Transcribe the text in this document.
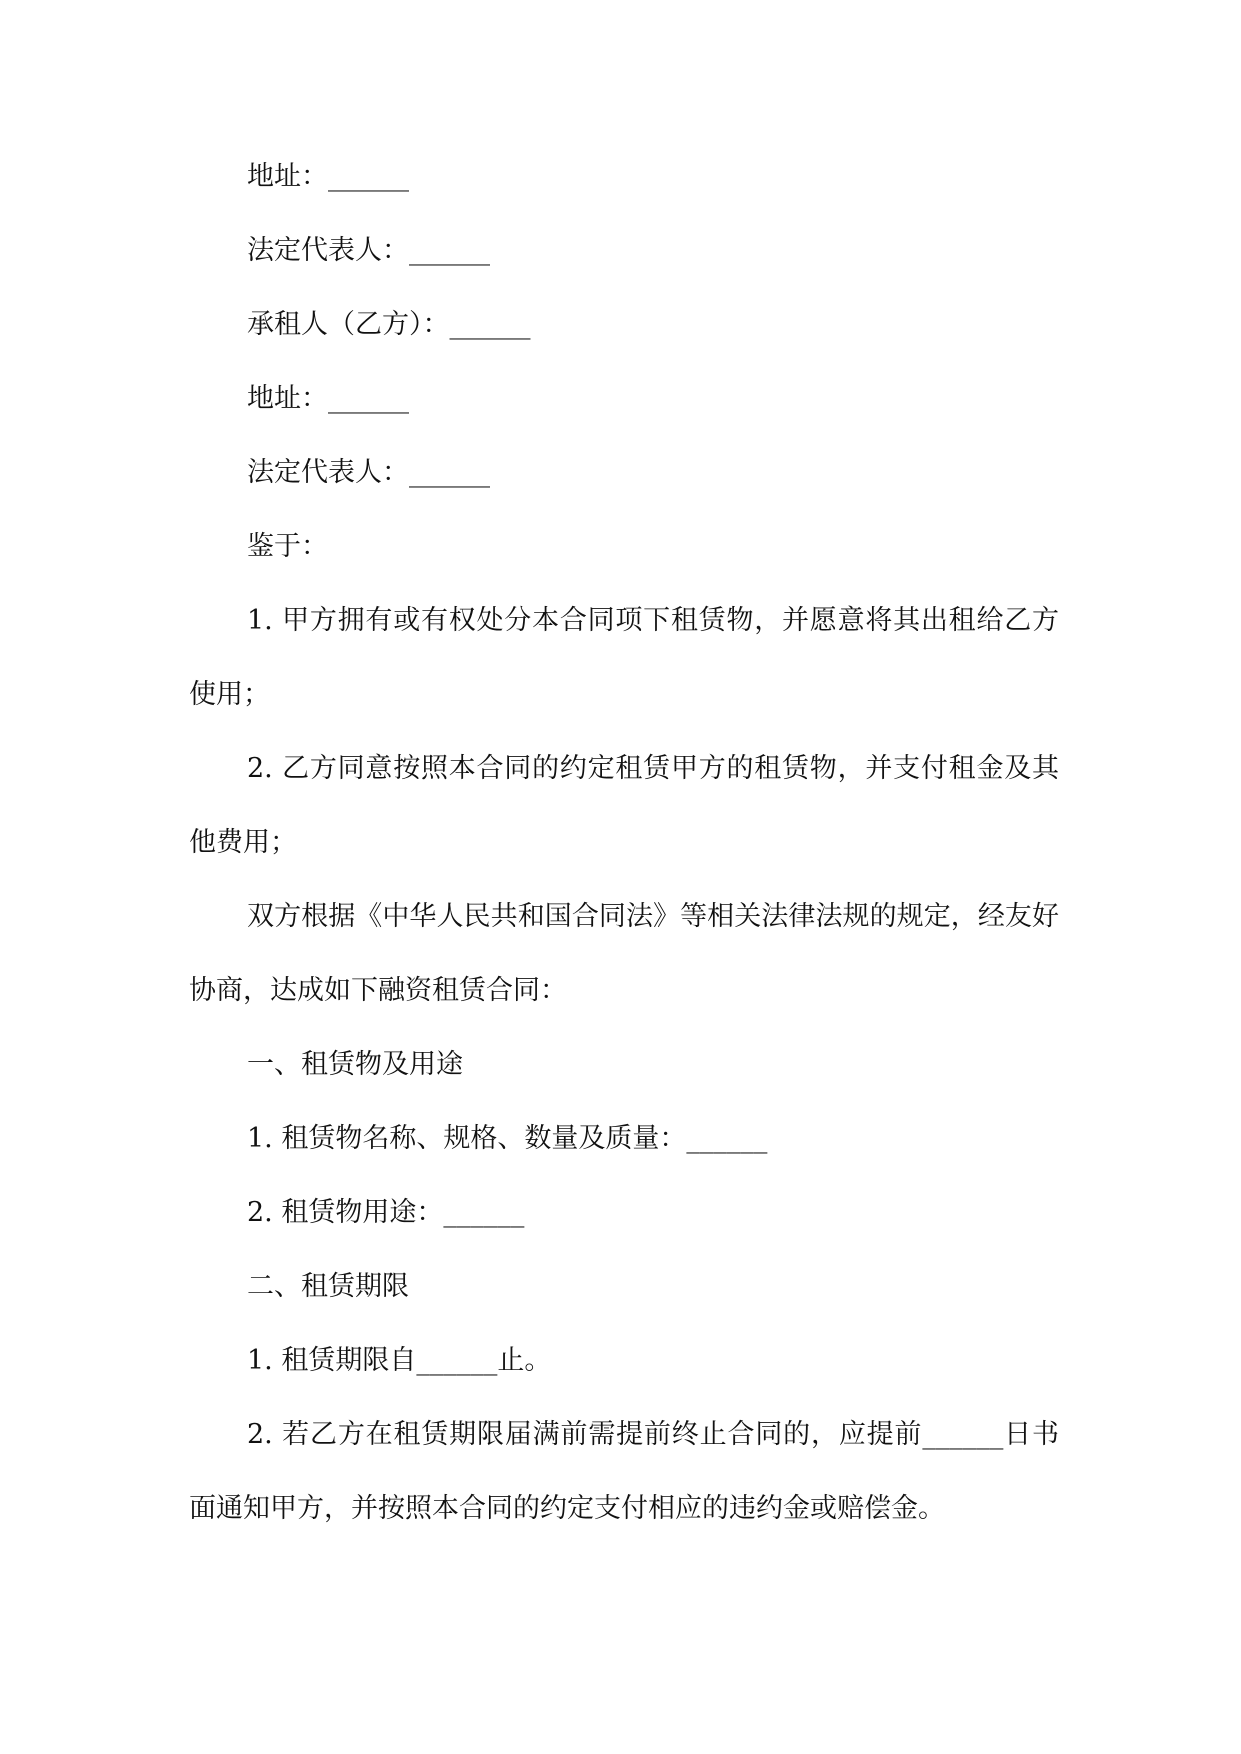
地址：______

法定代表人：______

承租人（乙方）：______

地址：______

法定代表人：______

鉴于：

1. 甲方拥有或有权处分本合同项下租赁物，并愿意将其出租给乙方使用；

2. 乙方同意按照本合同的约定租赁甲方的租赁物，并支付租金及其他费用；

双方根据《中华人民共和国合同法》等相关法律法规的规定，经友好协商，达成如下融资租赁合同：

一、租赁物及用途

1. 租赁物名称、规格、数量及质量：______

2. 租赁物用途：______

二、租赁期限

1. 租赁期限自______止。

2. 若乙方在租赁期限届满前需提前终止合同的，应提前______日书面通知甲方，并按照本合同的约定支付相应的违约金或赔偿金。
